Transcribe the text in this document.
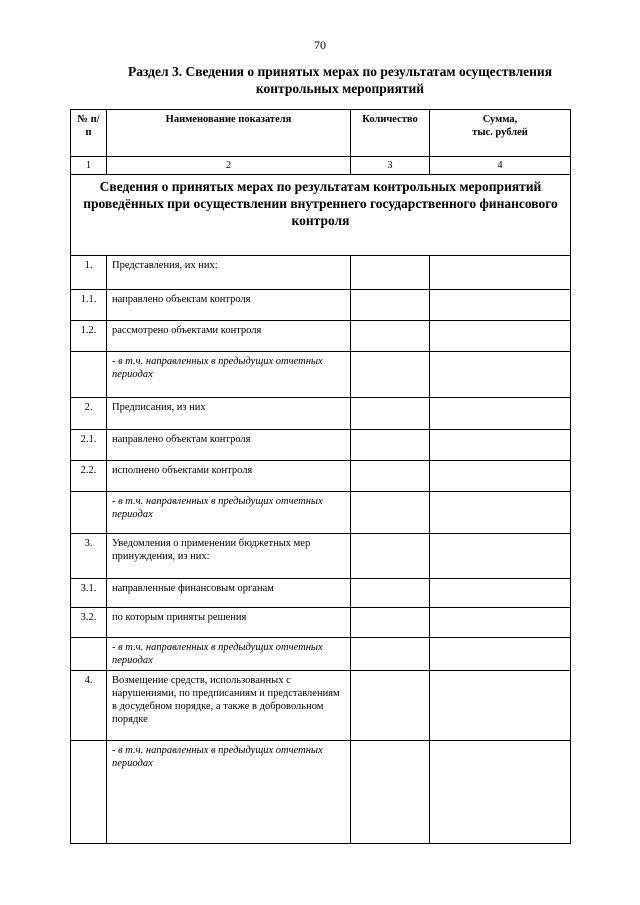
70
Раздел 3. Сведения о принятых мерах по результатам осуществления
контрольных мероприятий
№ п/п	Наименование показателя	Количество	Сумма,
тыс. рублей

1	2	3	4
Сведения о принятых мерах по результатам контрольных мероприятий проведённых при осуществлении внутреннего государственного финансового контроля			
1.	Представления, их них:		
1.1.	направлено объектам контроля		
1.2.	рассмотрено объектами контроля		
	- в т.ч. направленных в предыдущих отчетных периодах		
2.	Предписания, из них		
2.1.	направлено объектам контроля		
2.2.	исполнено объектами контроля		
	- в т.ч. направленных в предыдущих отчетных периодах		
3.	Уведомления о применении бюджетных мер принуждения, из них:		
3.1.	направленные финансовым органам		
3.2.	по которым приняты решения		
	- в т.ч. направленных в предыдущих отчетных периодах		
4.	Возмещение средств, использованных с нарушениями, по предписаниям и представлениям в досудебном порядке, а также в добровольном порядке		
	- в т.ч. направленных в предыдущих отчетных периодах		
